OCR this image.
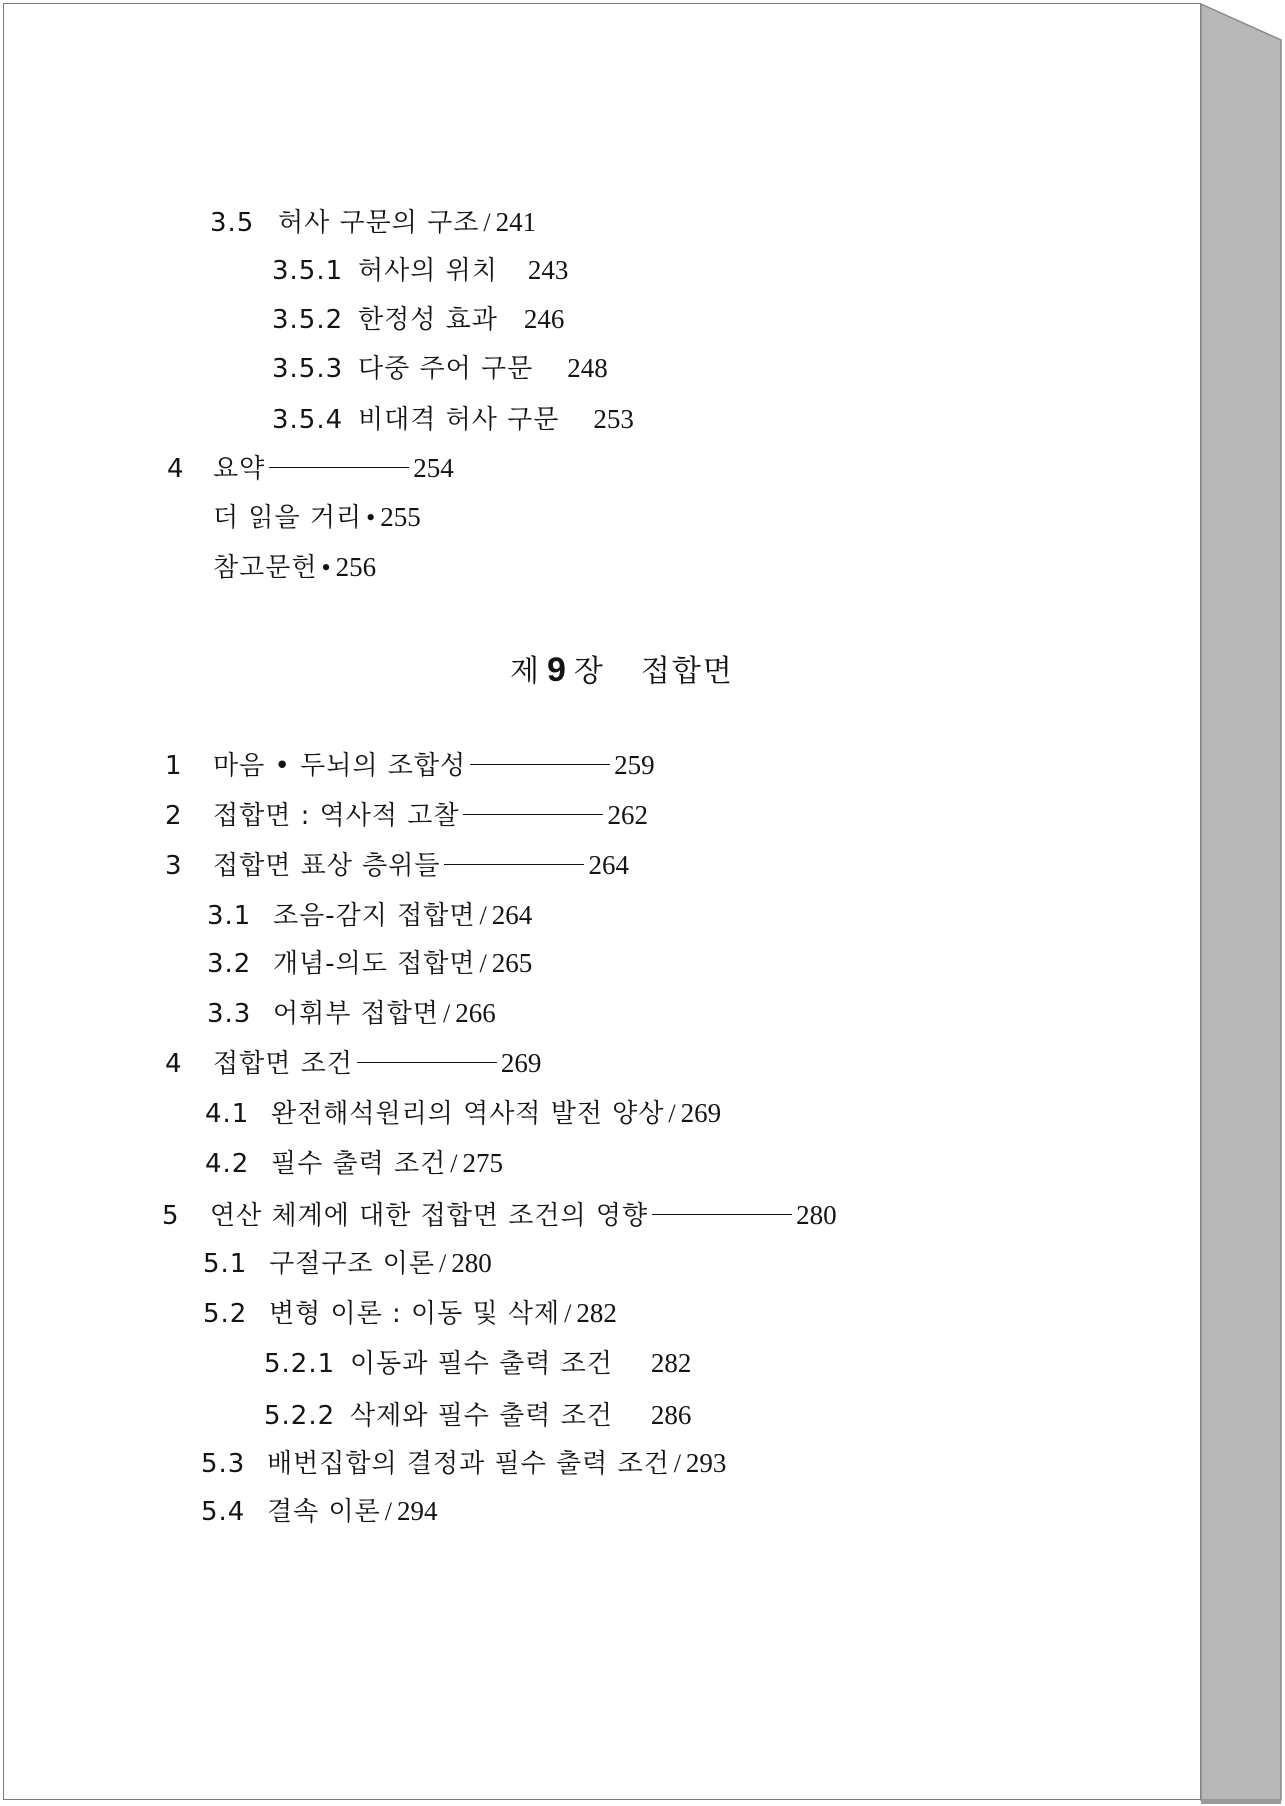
3.5 허사 구문의 구조 / 241
3.5.1 허사의 위치 243
3.5.2 한정성 효과 246
3.5.3 다중 주어 구문 248
3.5.4 비대격 허사 구문 253
4	요약	254
더 읽을 거리 • 255
참고문헌 • 256
제 9 장 접합면
1	마음 • 두뇌의 조합성	259
2	접합면 : 역사적 고찰	262
3	접합면 표상 층위들	264
3.1 조음-감지 접합면 / 264
3.2 개념-의도 접합면 / 265
3.3 어휘부 접합면 / 266
4	접합면 조건	269
4.1 완전해석원리의 역사적 발전 양상 / 269
4.2 필수 출력 조건 / 275
5	연산 체계에 대한 접합면 조건의 영향	280
5.1 구절구조 이론 / 280
5.2 변형 이론 : 이동 및 삭제 / 282
5.2.1 이동과 필수 출력 조건 282
5.2.2 삭제와 필수 출력 조건 286
5.3 배번집합의 결정과 필수 출력 조건 / 293
5.4 결속 이론 / 294
